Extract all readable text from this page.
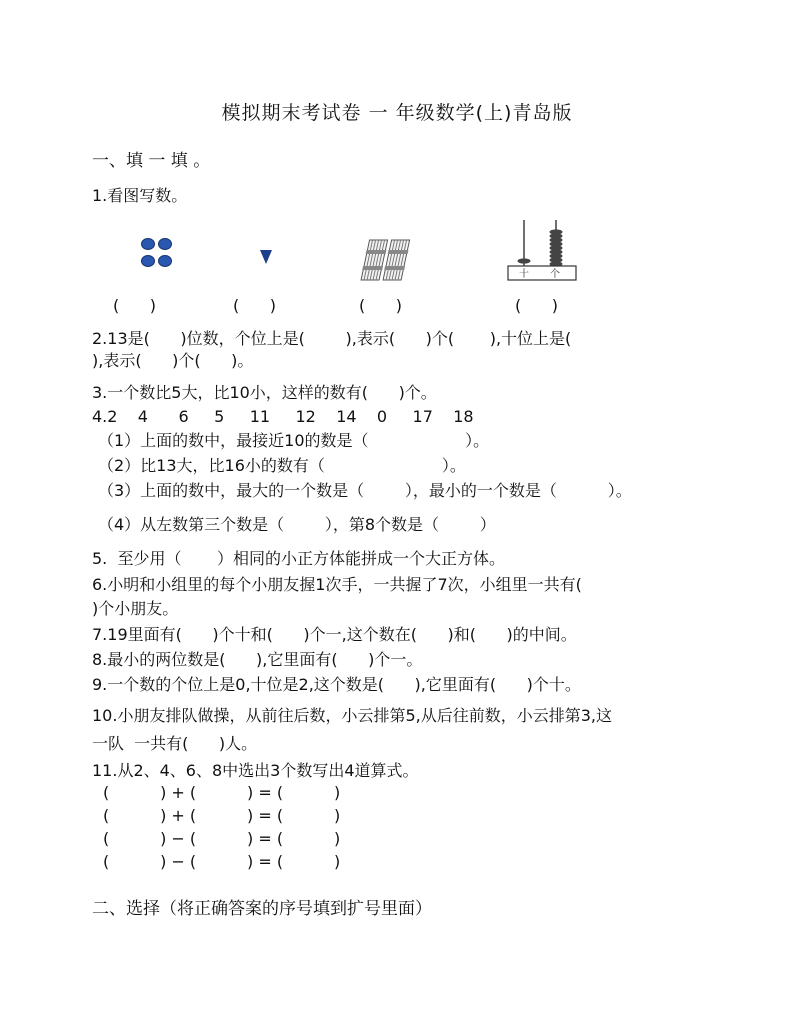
模拟期末考试卷 一 年级数学(上)青岛版
一、填 一 填 。
1.看图写数。
十 个
(      )	(      )	(      )	(      )
2.13是(      )位数，个位上是(        ),表示(      )个(       ),十位上是(
),表示(      )个(      )。
3.一个数比5大，比10小，这样的数有(      )个。
4.2    4      6     5     11     12    14    0     17    18
（1）上面的数中，最接近10的数是（                   ）。
（2）比13大，比16小的数有（                       ）。
（3）上面的数中，最大的一个数是（        ），最小的一个数是（          ）。
（4）从左数第三个数是（        ），第8个数是（        ）
5.  至少用（       ）相同的小正方体能拼成一个大正方体。
6.小明和小组里的每个小朋友握1次手，一共握了7次，小组里一共有(
)个小朋友。
7.19里面有(      )个十和(      )个一,这个数在(      )和(      )的中间。
8.最小的两位数是(      ),它里面有(      )个一。
9.一个数的个位上是0,十位是2,这个数是(      ),它里面有(      )个十。
10.小朋友排队做操，从前往后数，小云排第5,从后往前数，小云排第3,这
一队  一共有(      )人。
11.从2、4、6、8中选出3个数写出4道算式。
(          ) + (          ) = (          )
(          ) + (          ) = (          )
(          ) − (          ) = (          )
(          ) − (          ) = (          )
二、选择（将正确答案的序号填到扩号里面）
